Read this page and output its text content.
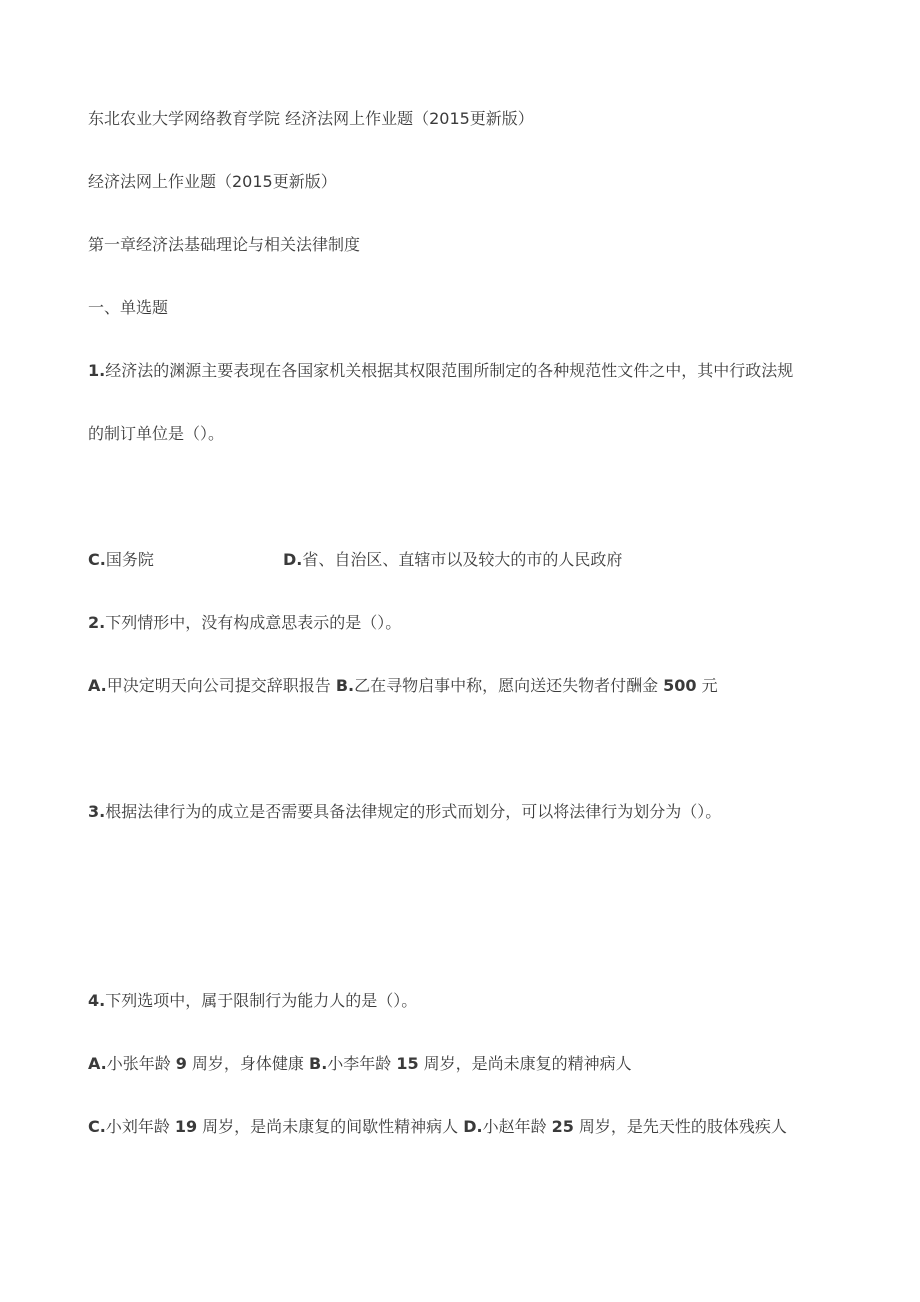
东北农业大学网络教育学院 经济法网上作业题（2015更新版）
经济法网上作业题（2015更新版）
第一章经济法基础理论与相关法律制度
一、单选题
1.经济法的渊源主要表现在各国家机关根据其权限范围所制定的各种规范性文件之中，其中行政法规
的制订单位是（）。
C.国务院	D.省、自治区、直辖市以及较大的市的人民政府
2.下列情形中，没有构成意思表示的是（）。
A.甲决定明天向公司提交辞职报告 B.乙在寻物启事中称，愿向送还失物者付酬金 500 元
3.根据法律行为的成立是否需要具备法律规定的形式而划分，可以将法律行为划分为（）。
4.下列选项中，属于限制行为能力人的是（）。
A.小张年龄 9 周岁，身体健康 B.小李年龄 15 周岁，是尚未康复的精神病人
C.小刘年龄 19 周岁，是尚未康复的间歇性精神病人 D.小赵年龄 25 周岁，是先天性的肢体残疾人
